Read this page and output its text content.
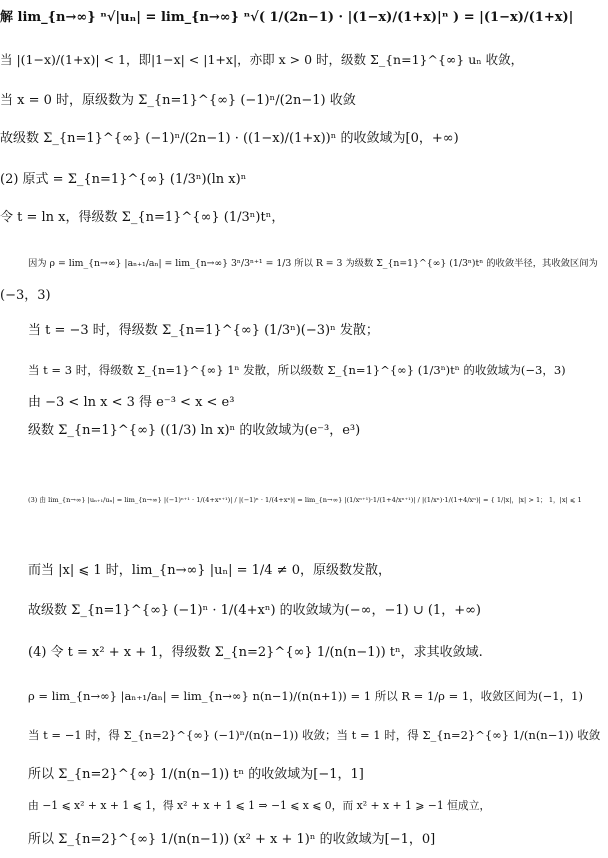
解 lim_{n→∞} ⁿ√|uₙ| = lim_{n→∞} ⁿ√( 1/(2n−1) · |(1−x)/(1+x)|ⁿ ) = |(1−x)/(1+x)|
当 |(1−x)/(1+x)| < 1，即|1−x| < |1+x|，亦即 x > 0 时，级数 Σ_{n=1}^{∞} uₙ 收敛，
当 x = 0 时，原级数为 Σ_{n=1}^{∞} (−1)ⁿ/(2n−1) 收敛
故级数 Σ_{n=1}^{∞} (−1)ⁿ/(2n−1) · ((1−x)/(1+x))ⁿ 的收敛域为[0，+∞)
(2) 原式 = Σ_{n=1}^{∞} (1/3ⁿ)(ln x)ⁿ
令 t = ln x，得级数 Σ_{n=1}^{∞} (1/3ⁿ)tⁿ，
因为 ρ = lim_{n→∞} |aₙ₊₁/aₙ| = lim_{n→∞} 3ⁿ/3ⁿ⁺¹ = 1/3 所以 R = 3 为级数 Σ_{n=1}^{∞} (1/3ⁿ)tⁿ 的收敛半径，其收敛区间为
(−3，3)
当 t = −3 时，得级数 Σ_{n=1}^{∞} (1/3ⁿ)(−3)ⁿ 发散；
当 t = 3 时，得级数 Σ_{n=1}^{∞} 1ⁿ 发散，所以级数 Σ_{n=1}^{∞} (1/3ⁿ)tⁿ 的收敛域为(−3，3)
由 −3 < ln x < 3 得 e⁻³ < x < e³
级数 Σ_{n=1}^{∞} ((1/3) ln x)ⁿ 的收敛域为(e⁻³，e³)
(3) 由 lim_{n→∞} |uₙ₊₁/uₙ| = lim_{n→∞} |(−1)ⁿ⁺¹ · 1/(4+xⁿ⁺¹)| / |(−1)ⁿ · 1/(4+xⁿ)| = lim_{n→∞} |(1/xⁿ⁺¹)·1/(1+4/xⁿ⁺¹)| / |(1/xⁿ)·1/(1+4/xⁿ)| = { 1/|x|，|x| > 1； 1，|x| ⩽ 1
而当 |x| ⩽ 1 时，lim_{n→∞} |uₙ| = 1/4 ≠ 0，原级数发散，
故级数 Σ_{n=1}^{∞} (−1)ⁿ · 1/(4+xⁿ) 的收敛域为(−∞，−1) ∪ (1，+∞)
(4) 令 t = x² + x + 1，得级数 Σ_{n=2}^{∞} 1/(n(n−1)) tⁿ，求其收敛域.
ρ = lim_{n→∞} |aₙ₊₁/aₙ| = lim_{n→∞} n(n−1)/(n(n+1)) = 1 所以 R = 1/ρ = 1，收敛区间为(−1，1)
当 t = −1 时，得 Σ_{n=2}^{∞} (−1)ⁿ/(n(n−1)) 收敛；当 t = 1 时，得 Σ_{n=2}^{∞} 1/(n(n−1)) 收敛
所以 Σ_{n=2}^{∞} 1/(n(n−1)) tⁿ 的收敛域为[−1，1]
由 −1 ⩽ x² + x + 1 ⩽ 1，得 x² + x + 1 ⩽ 1 ⇒ −1 ⩽ x ⩽ 0，而 x² + x + 1 ⩾ −1 恒成立，
所以 Σ_{n=2}^{∞} 1/(n(n−1)) (x² + x + 1)ⁿ 的收敛域为[−1，0]
